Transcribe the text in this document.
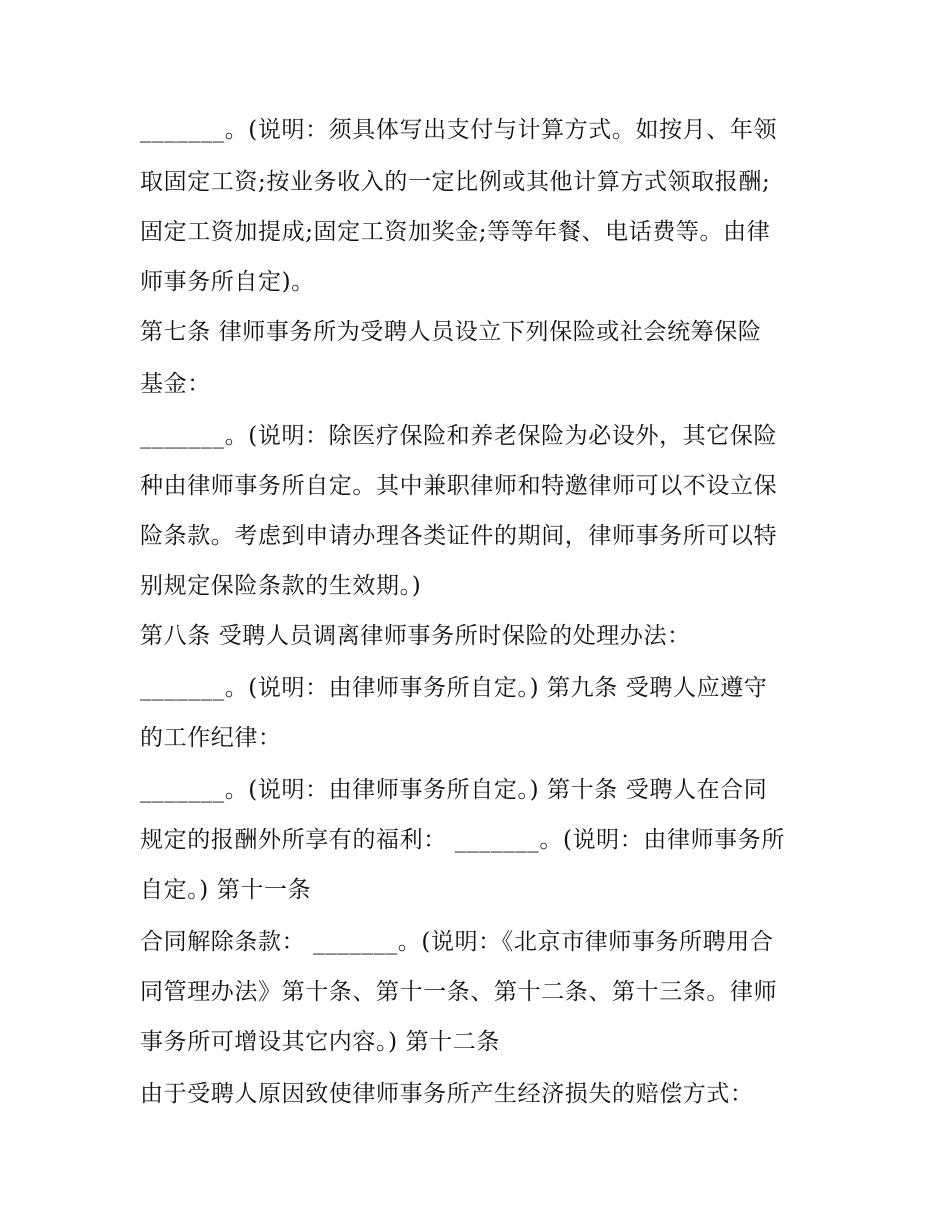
_______。(说明：须具体写出支付与计算方式。如按月、年领
取固定工资;按业务收入的一定比例或其他计算方式领取报酬;
固定工资加提成;固定工资加奖金;等等年餐、电话费等。由律
师事务所自定)。
第七条 律师事务所为受聘人员设立下列保险或社会统筹保险
基金：
_______。(说明：除医疗保险和养老保险为必设外，其它保险
种由律师事务所自定。其中兼职律师和特邀律师可以不设立保
险条款。考虑到申请办理各类证件的期间，律师事务所可以特
别规定保险条款的生效期。)
第八条 受聘人员调离律师事务所时保险的处理办法：
_______。(说明：由律师事务所自定。) 第九条 受聘人应遵守
的工作纪律：
_______。(说明：由律师事务所自定。) 第十条 受聘人在合同
规定的报酬外所享有的福利： _______。(说明：由律师事务所
自定。) 第十一条
合同解除条款： _______。(说明：《北京市律师事务所聘用合
同管理办法》第十条、第十一条、第十二条、第十三条。律师
事务所可增设其它内容。) 第十二条
由于受聘人原因致使律师事务所产生经济损失的赔偿方式：
